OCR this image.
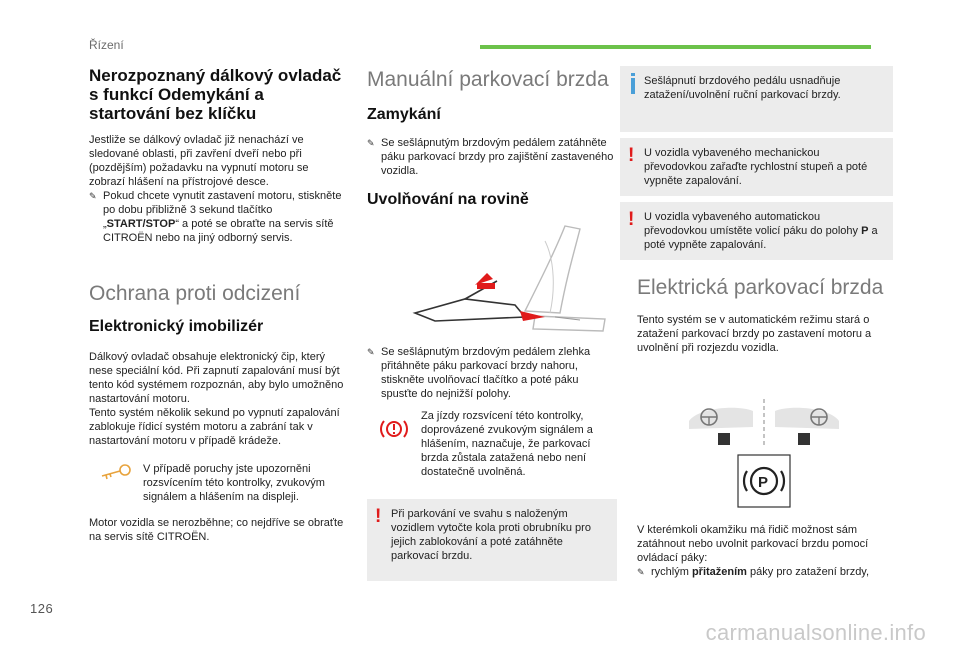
Řízení
Nerozpoznaný dálkový ovladač s funkcí Odemykání a startování bez klíčku

Jestliže se dálkový ovladač již nenachází ve sledované oblasti, při zavření dveří nebo při (pozdějším) požadavku na vypnutí motoru se zobrazí hlášení na přístrojové desce.

✎ Pokud chcete vynutit zastavení motoru, stiskněte po dobu přibližně 3 sekund tlačítko „START/STOP“ a poté se obraťte na servis sítě CITROËN nebo na jiný odborný servis.
Ochrana proti odcizení
Elektronický imobilizér

Dálkový ovladač obsahuje elektronický čip, který nese speciální kód. Při zapnutí zapalování musí být tento kód systémem rozpoznán, aby bylo umožněno nastartování motoru.

Tento systém několik sekund po vypnutí zapalování zablokuje řídicí systém motoru a zabrání tak v nastartování motoru v případě krádeže.

V případě poruchy jste upozorněni rozsvícením této kontrolky, zvukovým signálem a hlášením na displeji.

Motor vozidla se nerozběhne; co nejdříve se obraťte na servis sítě CITROËN.

Manuální parkovací brzda
Zamykání
✎ Se sešlápnutým brzdovým pedálem zatáhněte páku parkovací brzdy pro zajištění zastaveného vozidla.
Uvolňování na rovině
✎ Se sešlápnutým brzdovým pedálem zlehka přitáhněte páku parkovací brzdy nahoru, stiskněte uvolňovací tlačítko a poté páku spusťte do nejnižší polohy.

Za jízdy rozsvícení této kontrolky, doprovázené zvukovým signálem a hlášením, naznačuje, že parkovací brzda zůstala zatažená nebo není dostatečně uvolněná.

! Při parkování ve svahu s naloženým vozidlem vytočte kola proti obrubníku pro jejich zablokování a poté zatáhněte parkovací brzdu.
Sešlápnutí brzdového pedálu usnadňuje zatažení/uvolnění ruční parkovací brzdy.
! U vozidla vybaveného mechanickou převodovkou zařaďte rychlostní stupeň a poté vypněte zapalování.
! U vozidla vybaveného automatickou převodovkou umístěte volicí páku do polohy P a poté vypněte zapalování.
Elektrická parkovací brzda

Tento systém se v automatickém režimu stará o zatažení parkovací brzdy po zastavení motoru a uvolnění při rozjezdu vozidla.

P

V kterémkoli okamžiku má řidič možnost sám zatáhnout nebo uvolnit parkovací brzdu pomocí ovládací páky:

✎ rychlým přitažením páky pro zatažení brzdy,
126
carmanualsonline.info
